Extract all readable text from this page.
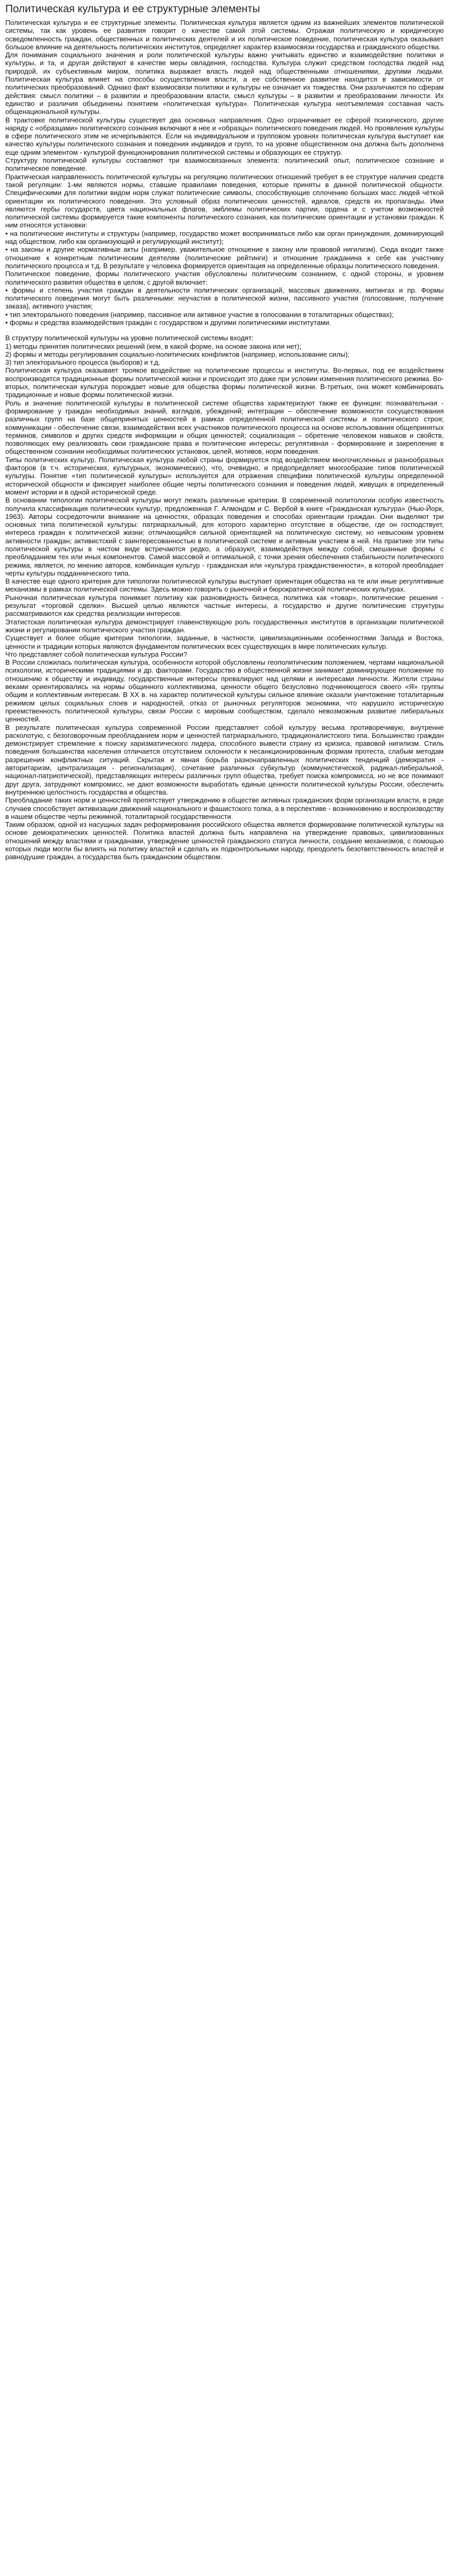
Политическая культура и ее структурные элементы

Политическая культура и ее структурные элементы. Политическая культура является одним из важнейших элементов политической системы, так как уровень ее развития говорит о качестве самой этой системы. Отражая политическую и юридическую осведомленность граждан, общественных и политических деятелей и их политическое поведение, политическая культура оказывает большое влияние на деятельность политических институтов, определяет характер взаимосвязи государства и гражданского общества.

Для понимания социального значения и роли политической культуры важно учитывать единство и взаимодействие политики и культуры, и та, и другая действуют в качестве меры овладения, господства. Культура служит средством господства людей над природой, их субъективным миром, политика выражает власть людей над общественными отношениями, другими людьми. Политическая культура влияет на способы осуществления власти, а ее собственное развитие находится в зависимости от политических преобразований. Однако факт взаимосвязи политики и культуры не означает их тождества. Они различаются по сферам действия: смысл политики – в развитии и преобразовании власти, смысл культуры – в развитии и преобразовании личности. Их единство и различия объединены понятием «политическая культура». Политическая культура неотъемлемая составная часть общенациональной культуры.

В трактовке политической культуры существует два основных направления. Одно ограничивает ее сферой психического, другие наряду с «образцами» политического сознания включают в нее и «образцы» политического поведения людей. Но проявления культуры в сфере политического этим не исчерпываются. Если на индивидуальном и групповом уровнях политическая культура выступает как качество культуры политического сознания и поведения индивидов и групп, то на уровне общественном она должна быть дополнена еще одним элементом - культурой функционирования политической системы и образующих ее структур.

Структуру политической культуры составляют три взаимосвязанных элемента: политический опыт, политическое сознание и политическое поведение.

Практическая направленность политической культуры на регуляцию политических отношений требует в ее структуре наличия средств такой регуляции: 1-ми являются нормы, ставшие правилами поведения, которые приняты в данной политической общности. Специфическими для политики видом норм служат политические символы, способствующие сплочению больших масс людей чёткой ориентации их политического поведения. Это условный образ политических ценностей, идеалов, средств их пропаганды. Ими являются гербы государств, цвета национальных флагов, эмблемы политических партии, ордена и с учетом возможностей политической системы формируется такие компоненты политического сознания, как политические ориентации и установки граждан. К ним относятся установки:

• на политические институты и структуры (например, государство может восприниматься либо как орган принуждения, доминирующий над обществом, либо как организующий и регулирующий институт);

• на законы и другие нормативные акты (например, уважительное отношение к закону или правовой нигилизм). Сюда входит также отношение к конкретным политическим деятелям (политические рейтинги) и отношение гражданина к себе как участнику политического процесса и т.д. В результате у человека формируется ориентация на определенные образцы политического поведения.

Политическое поведение, формы политического участия обусловлены политическим сознанием, с одной стороны, и уровнем политического развития общества в целом, с другой включает:

• формы и степень участия граждан в деятельности политических организаций, массовых движениях, митингах и пр. Формы политического поведения могут быть различными: неучастия в политической жизни, пассивного участия (голосование, получение заказа), активного участия;

• тип электорального поведения (например, пассивное или активное участие в голосовании в тоталитарных обществах);

• формы и средства взаимодействия граждан с государством и другими политическими институтами.

В структуру политической культуры на уровне политической системы входят:

1) методы принятия политических решений (кем, в какой форме, на основе закона или нет);

2) формы и методы регулирования социально-политических конфликтов (например, использование силы);

3) тип электорального процесса (выборов) и т.д.

Политическая культура оказывает троякое воздействие на политические процессы и институты. Во-первых, под ее воздействием воспроизводятся традиционные формы политической жизни и происходит это даже при условии изменения политического режима. Во-вторых, политическая культура порождает новые для общества формы политической жизни. В-третьих, она может комбинировать традиционные и новые формы политической жизни.

Роль и значение политической культуры в политической системе общества характеризуют также ее функции: познавательная - формирование у граждан необходимых знаний, взглядов, убеждений; интеграции – обеспечение возможности сосуществования различных групп на базе общепринятых ценностей в рамках определенной политической системы и политического строя; коммуникации - обеспечение связи, взаимодействия всех участников политического процесса на основе использования общепринятых терминов, символов и других средств информации и общих ценностей; социализация – обретение человеком навыков и свойств, позволяющих ему реализовать свои гражданские права и политические интересы; регулятивная - формирование и закрепление в общественном сознании необходимых политических установок, целей, мотивов, норм поведения.

Типы политических культур. Политическая культура любой страны формируется под воздействием многочисленных и разнообразных факторов (в т.ч. исторических, культурных, экономических), что, очевидно, и предопределяет многообразие типов политической культуры. Понятие «тип политической культуры» используется для отражения специфики политической культуры определенной исторической общности и фиксирует наиболее общие черты политического сознания и поведения людей, живущих в определенный момент истории и в одной исторической среде.

В основании типологии политической культуры могут лежать различные критерии. В современной политологии особую известность получила классификация политических культур, предложенная Г. Алмондом и С. Вербой в книге «Гражданская культура» (Нью-Йорк, 1963). Авторы сосредоточили внимание на ценностях, образцах поведения и способах ориентации граждан. Они выделяют три основных типа политической культуры: патриархальный, для которого характерно отсутствие в обществе, где он господствует, интереса граждан к политической жизни; отличающийся сильной ориентацией на политическую систему, но невысоким уровнем активности граждан; активистский с заинтересованностью в политической системе и активным участием в ней. На практике эти типы политической культуры в чистом виде встречаются редко, а образуют, взаимодействуя между собой, смешанные формы с преобладанием тех или иных компонентов. Самой массовой и оптимальной, с точки зрения обеспечения стабильности политического режима, является, по мнению авторов, комбинация культур - гражданская или «культура гражданственности», в которой преобладает черты культуры подданнического типа.

В качестве еще одного критерия для типологии политической культуры выступает ориентация общества на те или иные регулятивные механизмы в рамках политической системы. Здесь можно говорить о рыночной и бюрократической политических культурах.

Рыночная политическая культура понимает политику как разновидность бизнеса, политика как «товар», политические решения - результат «торговой сделки». Высшей целью являются частные интересы, а государство и другие политические структуры рассматриваются как средства реализации интересов.

Этатистская политическая культура демонстрирует главенствующую роль государственных институтов в организации политической жизни и регулировании политического участия граждан.

Существует и более общие критерии типологии, заданные, в частности, цивилизационными особенностями Запада и Востока, ценности и традиции которых являются фундаментом политических всех существующих в мире политических культур.

Что представляет собой политическая культура России?

В России сложилась политическая культура, особенности которой обусловлены геополитическим положением, чертами национальной психологии, историческими традициями и др. факторами. Государство в общественной жизни занимает доминирующее положение по отношению к обществу и индивиду, государственные интересы превалируют над целями и интересами личности. Жители страны веками ориентировались на нормы общинного коллективизма, ценности общего безусловно подчиняющегося своего «Я» группы общим и коллективным интересам. В ХХ в. на характер политической культуры сильное влияние оказали уничтожение тоталитарным режимом целых социальных слоев и народностей, отказ от рыночных регуляторов экономики, что нарушило историческую преемственность политической культуры, связи России с мировым сообществом, сделало невозможным развитие либеральных ценностей.

В результате политическая культура современной России представляет собой культуру весьма противоречивую, внутренне расколотую, с безоговорочным преобладанием норм и ценностей патриархального, традиционалистского типа. Большинство граждан демонстрирует стремление к поиску харизматического лидера, способного вывести страну из кризиса, правовой нигилизм. Стиль поведения большинства населения отличается отсутствием склонности к несанкционированным формам протеста, слабым методам разрешения конфликтных ситуаций. Скрытая и явная борьба разнонаправленных политических тенденций (демократия - авторитаризм, централизация - регионализация), сочетание различных субкультур (коммунистической, радикал-либеральной, национал-патриотической), представляющих интересы различных групп общества, требует поиска компромисса, но не все понимают друг друга, затрудняют компромисс, не дают возможности выработать единые ценности политической культуры России, обеспечить внутреннюю целостность государства и общества.

Преобладание таких норм и ценностей препятствует утверждению в обществе активных гражданских форм организации власти, в ряде случаев способствует активизации движений национального и фашистского толка, а в перспективе - возникновению и воспроизводству в нашем обществе черты режимной, тоталитарной государственности.

Таким образом, одной из насущных задач реформирования российского общества является формирование политической культуры на основе демократических ценностей. Политика властей должна быть направлена на утверждение правовых, цивилизованных отношений между властями и гражданами, утверждение ценностей гражданского статуса личности, создание механизмов, с помощью которых люди могли бы влиять на политику властей и сделать их подконтрольными народу, преодолеть безответственность властей и равнодушие граждан, а государства быть гражданским обществом.
